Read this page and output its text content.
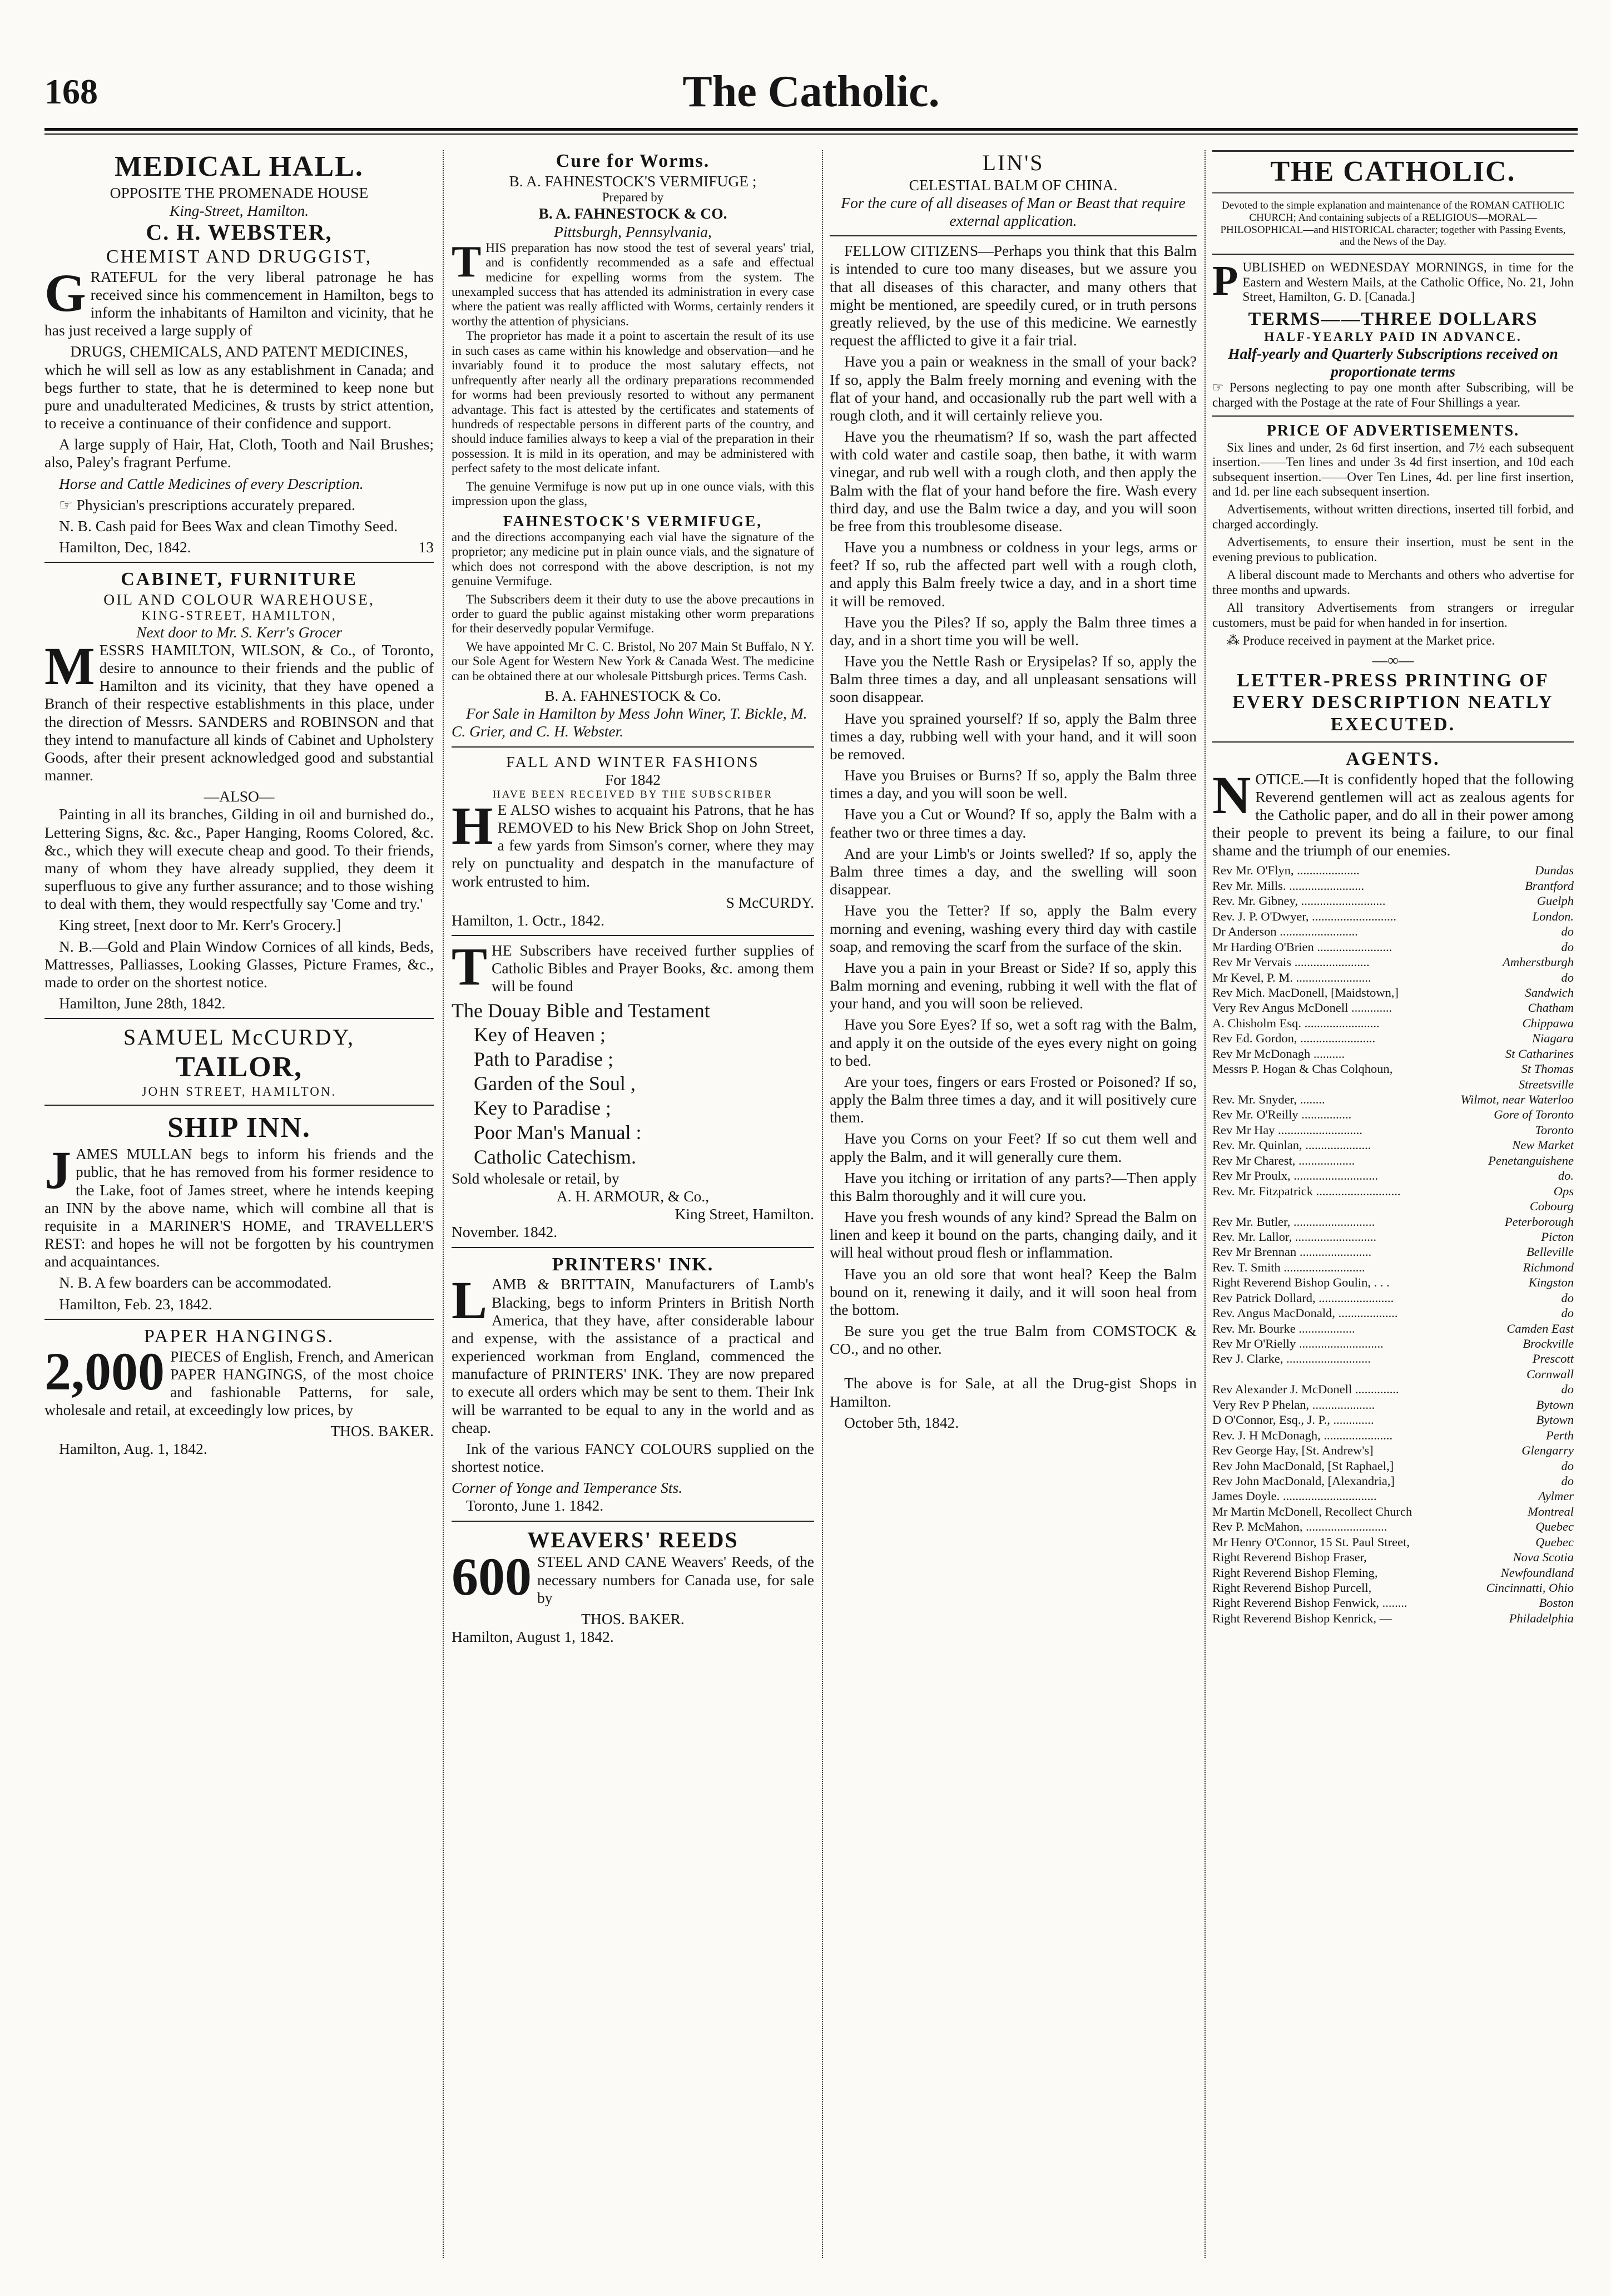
168	The Catholic.
MEDICAL HALL.
OPPOSITE THE PROMENADE HOUSE
King-Street, Hamilton.
C. H. WEBSTER,
CHEMIST AND DRUGGIST,

GRATEFUL for the very liberal patronage he has received since his commencement in Hamilton, begs to inform the inhabitants of Hamilton and vicinity, that he has just received a large supply of

DRUGS, CHEMICALS, AND PATENT MEDICINES,

which he will sell as low as any establishment in Canada; and begs further to state, that he is determined to keep none but pure and unadulterated Medicines, & trusts by strict attention, to receive a continuance of their confidence and support.

A large supply of Hair, Hat, Cloth, Tooth and Nail Brushes; also, Paley's fragrant Perfume.

Horse and Cattle Medicines of every Description.

☞ Physician's prescriptions accurately prepared.

N. B. Cash paid for Bees Wax and clean Timothy Seed.

Hamilton, Dec, 1842.	13
CABINET, FURNITURE
OIL AND COLOUR WAREHOUSE,
KING-STREET, HAMILTON,
Next door to Mr. S. Kerr's Grocer

MESSRS HAMILTON, WILSON, & Co., of Toronto, desire to announce to their friends and the public of Hamilton and its vicinity, that they have opened a Branch of their respective establishments in this place, under the direction of Messrs. SANDERS and ROBINSON and that they intend to manufacture all kinds of Cabinet and Upholstery Goods, after their present acknowledged good and substantial manner.

—ALSO—

Painting in all its branches, Gilding in oil and burnished do., Lettering Signs, &c. &c., Paper Hanging, Rooms Colored, &c. &c., which they will execute cheap and good. To their friends, many of whom they have already supplied, they deem it superfluous to give any further assurance; and to those wishing to deal with them, they would respectfully say 'Come and try.'

King street, [next door to Mr. Kerr's Grocery.]

N. B.—Gold and Plain Window Cornices of all kinds, Beds, Mattresses, Palliasses, Looking Glasses, Picture Frames, &c., made to order on the shortest notice.

Hamilton, June 28th, 1842.

SAMUEL McCURDY,
TAILOR,
JOHN STREET, HAMILTON.
SHIP INN.

JAMES MULLAN begs to inform his friends and the public, that he has removed from his former residence to the Lake, foot of James street, where he intends keeping an INN by the above name, which will combine all that is requisite in a MARINER'S HOME, and TRAVELLER'S REST: and hopes he will not be forgotten by his countrymen and acquaintances.

N. B. A few boarders can be accommodated.

Hamilton, Feb. 23, 1842.

PAPER HANGINGS.

2,000 PIECES of English, French, and American PAPER HANGINGS, of the most choice and fashionable Patterns, for sale, wholesale and retail, at exceedingly low prices, by

THOS. BAKER.

Hamilton, Aug. 1, 1842.

Cure for Worms.
B. A. FAHNESTOCK'S VERMIFUGE ;
Prepared by
B. A. FAHNESTOCK & CO.
Pittsburgh, Pennsylvania,
THIS preparation has now stood the test of several years' trial, and is confidently recommended as a safe and effectual medicine for expelling worms from the system. The unexampled success that has attended its administration in every case where the patient was really afflicted with Worms, certainly renders it worthy the attention of physicians.

The proprietor has made it a point to ascertain the result of its use in such cases as came within his knowledge and observation—and he invariably found it to produce the most salutary effects, not unfrequently after nearly all the ordinary preparations recommended for worms had been previously resorted to without any permanent advantage. This fact is attested by the certificates and statements of hundreds of respectable persons in different parts of the country, and should induce families always to keep a vial of the preparation in their possession. It is mild in its operation, and may be administered with perfect safety to the most delicate infant.

The genuine Vermifuge is now put up in one ounce vials, with this impression upon the glass,

FAHNESTOCK'S VERMIFUGE,

and the directions accompanying each vial have the signature of the proprietor; any medicine put in plain ounce vials, and the signature of which does not correspond with the above description, is not my genuine Vermifuge.

The Subscribers deem it their duty to use the above precautions in order to guard the public against mistaking other worm preparations for their deservedly popular Vermifuge.

We have appointed Mr C. C. Bristol, No 207 Main St Buffalo, N Y. our Sole Agent for Western New York & Canada West. The medicine can be obtained there at our wholesale Pittsburgh prices. Terms Cash.

B. A. FAHNESTOCK & Co.

For Sale in Hamilton by Mess John Winer, T. Bickle, M. C. Grier, and C. H. Webster.

FALL AND WINTER FASHIONS
For 1842
HAVE BEEN RECEIVED BY THE SUBSCRIBER

H E ALSO wishes to acquaint his Patrons, that he has REMOVED to his New Brick Shop on John Street, a few yards from Simson's corner, where they may rely on punctuality and despatch in the manufacture of work entrusted to him.

S McCURDY.
Hamilton, 1. Octr., 1842.

THE Subscribers have received further supplies of Catholic Bibles and Prayer Books, &c. among them will be found

The Douay Bible and Testament
Key of Heaven ;
Path to Paradise ;
Garden of the Soul ,
Key to Paradise ;
Poor Man's Manual :
Catholic Catechism.
Sold wholesale or retail, by
A. H. ARMOUR, & Co.,
King Street, Hamilton.
November. 1842.
PRINTERS' INK.

LAMB & BRITTAIN, Manufacturers of Lamb's Blacking, begs to inform Printers in British North America, that they have, after considerable labour and expense, with the assistance of a practical and experienced workman from England, commenced the manufacture of PRINTERS' INK. They are now prepared to execute all orders which may be sent to them. Their Ink will be warranted to be equal to any in the world and as cheap.

Ink of the various FANCY COLOURS supplied on the shortest notice.

Corner of Yonge and Temperance Sts.
Toronto, June 1. 1842.
WEAVERS' REEDS

600 STEEL AND CANE Weavers' Reeds, of the necessary numbers for Canada use, for sale by

THOS. BAKER.
Hamilton, August 1, 1842.
LIN'S
CELESTIAL BALM OF CHINA.
For the cure of all diseases of Man or Beast that require external application.

FELLOW CITIZENS—Perhaps you think that this Balm is intended to cure too many diseases, but we assure you that all diseases of this character, and many others that might be mentioned, are speedily cured, or in truth persons greatly relieved, by the use of this medicine. We earnestly request the afflicted to give it a fair trial.

Have you a pain or weakness in the small of your back? If so, apply the Balm freely morning and evening with the flat of your hand, and occasionally rub the part well with a rough cloth, and it will certainly relieve you.

Have you the rheumatism? If so, wash the part affected with cold water and castile soap, then bathe, it with warm vinegar, and rub well with a rough cloth, and then apply the Balm with the flat of your hand before the fire. Wash every third day, and use the Balm twice a day, and you will soon be free from this troublesome disease.

Have you a numbness or coldness in your legs, arms or feet? If so, rub the affected part well with a rough cloth, and apply this Balm freely twice a day, and in a short time it will be removed.

Have you the Piles? If so, apply the Balm three times a day, and in a short time you will be well.

Have you the Nettle Rash or Erysipelas? If so, apply the Balm three times a day, and all unpleasant sensations will soon disappear.

Have you sprained yourself? If so, apply the Balm three times a day, rubbing well with your hand, and it will soon be removed.

Have you Bruises or Burns? If so, apply the Balm three times a day, and you will soon be well.

Have you a Cut or Wound? If so, apply the Balm with a feather two or three times a day.

And are your Limb's or Joints swelled? If so, apply the Balm three times a day, and the swelling will soon disappear.

Have you the Tetter? If so, apply the Balm every morning and evening, washing every third day with castile soap, and removing the scarf from the surface of the skin.

Have you a pain in your Breast or Side? If so, apply this Balm morning and evening, rubbing it well with the flat of your hand, and you will soon be relieved.

Have you Sore Eyes? If so, wet a soft rag with the Balm, and apply it on the outside of the eyes every night on going to bed.

Are your toes, fingers or ears Frosted or Poisoned? If so, apply the Balm three times a day, and it will positively cure them.

Have you Corns on your Feet? If so cut them well and apply the Balm, and it will generally cure them.

Have you itching or irritation of any parts?—Then apply this Balm thoroughly and it will cure you.

Have you fresh wounds of any kind? Spread the Balm on linen and keep it bound on the parts, changing daily, and it will heal without proud flesh or inflammation.

Have you an old sore that wont heal? Keep the Balm bound on it, renewing it daily, and it will soon heal from the bottom.

Be sure you get the true Balm from COMSTOCK & CO., and no other.

The above is for Sale, at all the Drug-gist Shops in Hamilton.

October 5th, 1842.

THE CATHOLIC.

Devoted to the simple explanation and maintenance of the ROMAN CATHOLIC CHURCH; And containing subjects of a RELIGIOUS—MORAL—PHILOSOPHICAL—and HISTORICAL character; together with Passing Events, and the News of the Day.

PUBLISHED on WEDNESDAY MORNINGS, in time for the Eastern and Western Mails, at the Catholic Office, No. 21, John Street, Hamilton, G. D. [Canada.]

TERMS——THREE DOLLARS
HALF-YEARLY PAID IN ADVANCE.
Half-yearly and Quarterly Subscriptions received on proportionate terms

☞ Persons neglecting to pay one month after Subscribing, will be charged with the Postage at the rate of Four Shillings a year.

PRICE OF ADVERTISEMENTS.

Six lines and under, 2s 6d first insertion, and 7½ each subsequent insertion.——Ten lines and under 3s 4d first insertion, and 10d each subsequent insertion.——Over Ten Lines, 4d. per line first insertion, and 1d. per line each subsequent insertion.

Advertisements, without written directions, inserted till forbid, and charged accordingly.

Advertisements, to ensure their insertion, must be sent in the evening previous to publication.

A liberal discount made to Merchants and others who advertise for three months and upwards.

All transitory Advertisements from strangers or irregular customers, must be paid for when handed in for insertion.

⁂ Produce received in payment at the Market price.

—∞—
LETTER-PRESS PRINTING OF EVERY DESCRIPTION NEATLY EXECUTED.
AGENTS.

NOTICE.—It is confidently hoped that the following Reverend gentlemen will act as zealous agents for the Catholic paper, and do all in their power among their people to prevent its being a failure, to our final shame and the triumph of our enemies.

Rev Mr. O'Flyn, ....................	Dundas
Rev Mr. Mills. ........................	Brantford
Rev. Mr. Gibney, ...........................	Guelph
Rev. J. P. O'Dwyer, ...........................	London.
Dr Anderson .........................	do
Mr Harding O'Brien ........................	do
Rev Mr Vervais ........................	Amherstburgh
Mr Kevel, P. M. ........................	do
Rev Mich. MacDonell, [Maidstown,]	Sandwich
Very Rev Angus McDonell .............	Chatham
A. Chisholm Esq. ........................	Chippawa
Rev Ed. Gordon, ........................	Niagara
Rev Mr McDonagh ..........	St Catharines
Messrs P. Hogan & Chas Colqhoun,	St Thomas
Streetsville
Rev. Mr. Snyder, ........	Wilmot, near Waterloo
Rev Mr. O'Reilly ................	Gore of Toronto
Rev Mr Hay ...........................	Toronto
Rev. Mr. Quinlan, .....................	New Market
Rev Mr Charest, ..................	Penetanguishene
Rev Mr Proulx, ...........................	do.
Rev. Mr. Fitzpatrick ...........................	Ops
Cobourg
Rev Mr. Butler, ..........................	Peterborough
Rev. Mr. Lallor, ..........................	Picton
Rev Mr Brennan .......................	Belleville
Rev. T. Smith ..........................	Richmond
Right Reverend Bishop Goulin, . . .	Kingston
Rev Patrick Dollard, ........................	do
Rev. Angus MacDonald, ...................	do
Rev. Mr. Bourke ..................	Camden East
Rev Mr O'Rielly ...........................	Brockville
Rev J. Clarke, ...........................	Prescott
Cornwall
Rev Alexander J. McDonell ..............	do
Very Rev P Phelan, ....................	Bytown
D O'Connor, Esq., J. P., .............	Bytown
Rev. J. H McDonagh, ......................	Perth
Rev George Hay, [St. Andrew's]	Glengarry
Rev John MacDonald, [St Raphael,]	do
Rev John MacDonald, [Alexandria,]	do
James Doyle. ..............................	Aylmer
Mr Martin McDonell, Recollect Church	Montreal
Rev P. McMahon, ..........................	Quebec
Mr Henry O'Connor, 15 St. Paul Street,	Quebec
Right Reverend Bishop Fraser,	Nova Scotia
Right Reverend Bishop Fleming,	Newfoundland
Right Reverend Bishop Purcell,	Cincinnatti, Ohio
Right Reverend Bishop Fenwick, ........	Boston
Right Reverend Bishop Kenrick, —	Philadelphia
